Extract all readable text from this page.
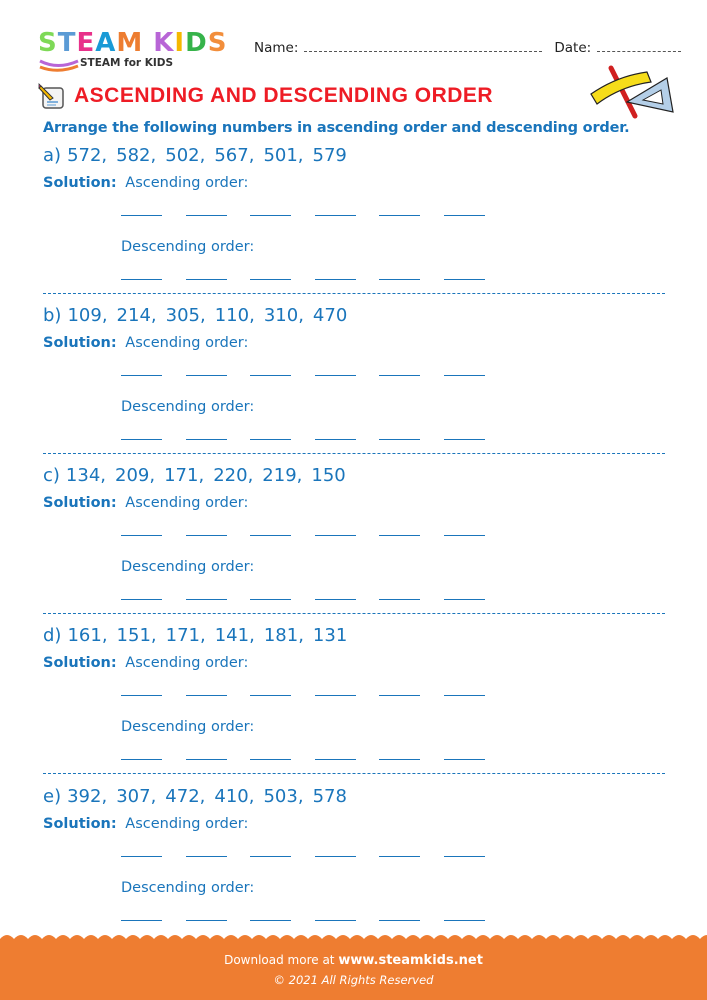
STEAM KIDS
STEAM for KIDS
Name:	Date:
ASCENDING AND DESCENDING ORDER
Arrange the following numbers in ascending order and descending order.
a) 572, 582, 502, 567, 501, 579
Solution: Ascending order:
Descending order:
b) 109, 214, 305, 110, 310, 470
Solution: Ascending order:
Descending order:
c) 134, 209, 171, 220, 219, 150
Solution: Ascending order:
Descending order:
d) 161, 151, 171, 141, 181, 131
Solution: Ascending order:
Descending order:
e) 392, 307, 472, 410, 503, 578
Solution: Ascending order:
Descending order:
Download more at www.steamkids.net
© 2021 All Rights Reserved
